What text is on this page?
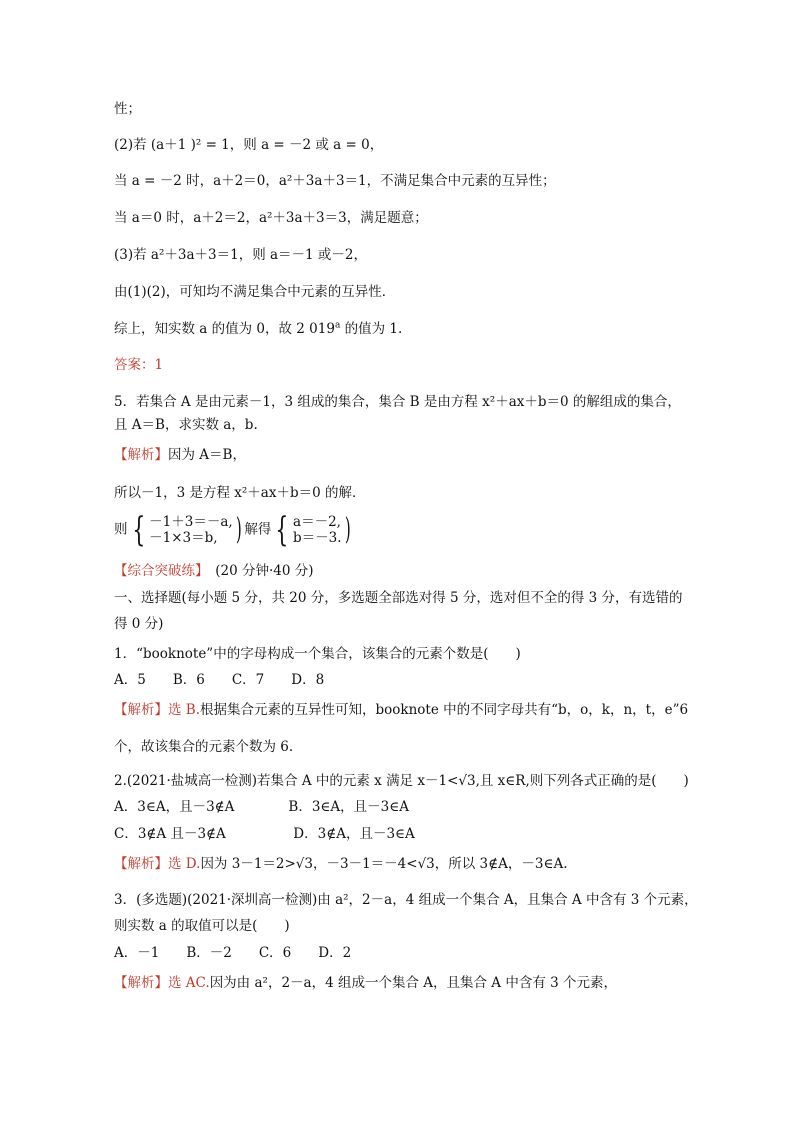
性；
(2)若 (a＋1 )² = 1，则 a = －2 或 a = 0，
当 a = －2 时，a＋2＝0，a²＋3a＋3＝1，不满足集合中元素的互异性；
当 a＝0 时，a＋2＝2，a²＋3a＋3＝3，满足题意；
(3)若 a²＋3a＋3＝1，则 a＝－1 或－2，
由(1)(2)，可知均不满足集合中元素的互异性．
综上，知实数 a 的值为 0，故 2 019$^a$ 的值为 1.
答案：1
5．若集合 A 是由元素－1，3 组成的集合，集合 B 是由方程 x²＋ax＋b＝0 的解组成的集合，
且 A＝B，求实数 a，b.
【解析】因为 A＝B，
所以－1，3 是方程 x²＋ax＋b＝0 的解．
则 { －1＋3＝－a,
－1×3＝b, ) 解得 { a＝－2,
b＝－3. )
【综合突破练】　(20 分钟·40 分)
一、选择题(每小题 5 分，共 20 分，多选题全部选对得 5 分，选对但不全的得 3 分，有选错的
得 0 分)
1．“booknote”中的字母构成一个集合，该集合的元素个数是(　　)
A．5　　B．6　　C．7　　D．8
【解析】选 B.根据集合元素的互异性可知，booknote 中的不同字母共有“b，o，k，n，t，e”6
个，故该集合的元素个数为 6.
2.(2021·盐城高一检测)若集合 A 中的元素 x 满足 x－1<√3,且 x∈R,则下列各式正确的是(　　)
A．3∈A，且－3∉A　　　　B．3∈A，且－3∈A
C．3∉A 且－3∉A　　　　　D．3∉A，且－3∈A
【解析】选 D.因为 3－1＝2>√3，－3－1＝－4<√3，所以 3∉A，－3∈A.
3．(多选题)(2021·深圳高一检测)由 a²，2－a，4 组成一个集合 A，且集合 A 中含有 3 个元素，
则实数 a 的取值可以是(　　)
A．－1　　B．－2　　C．6　　D．2
【解析】选 AC.因为由 a²，2－a，4 组成一个集合 A，且集合 A 中含有 3 个元素，
